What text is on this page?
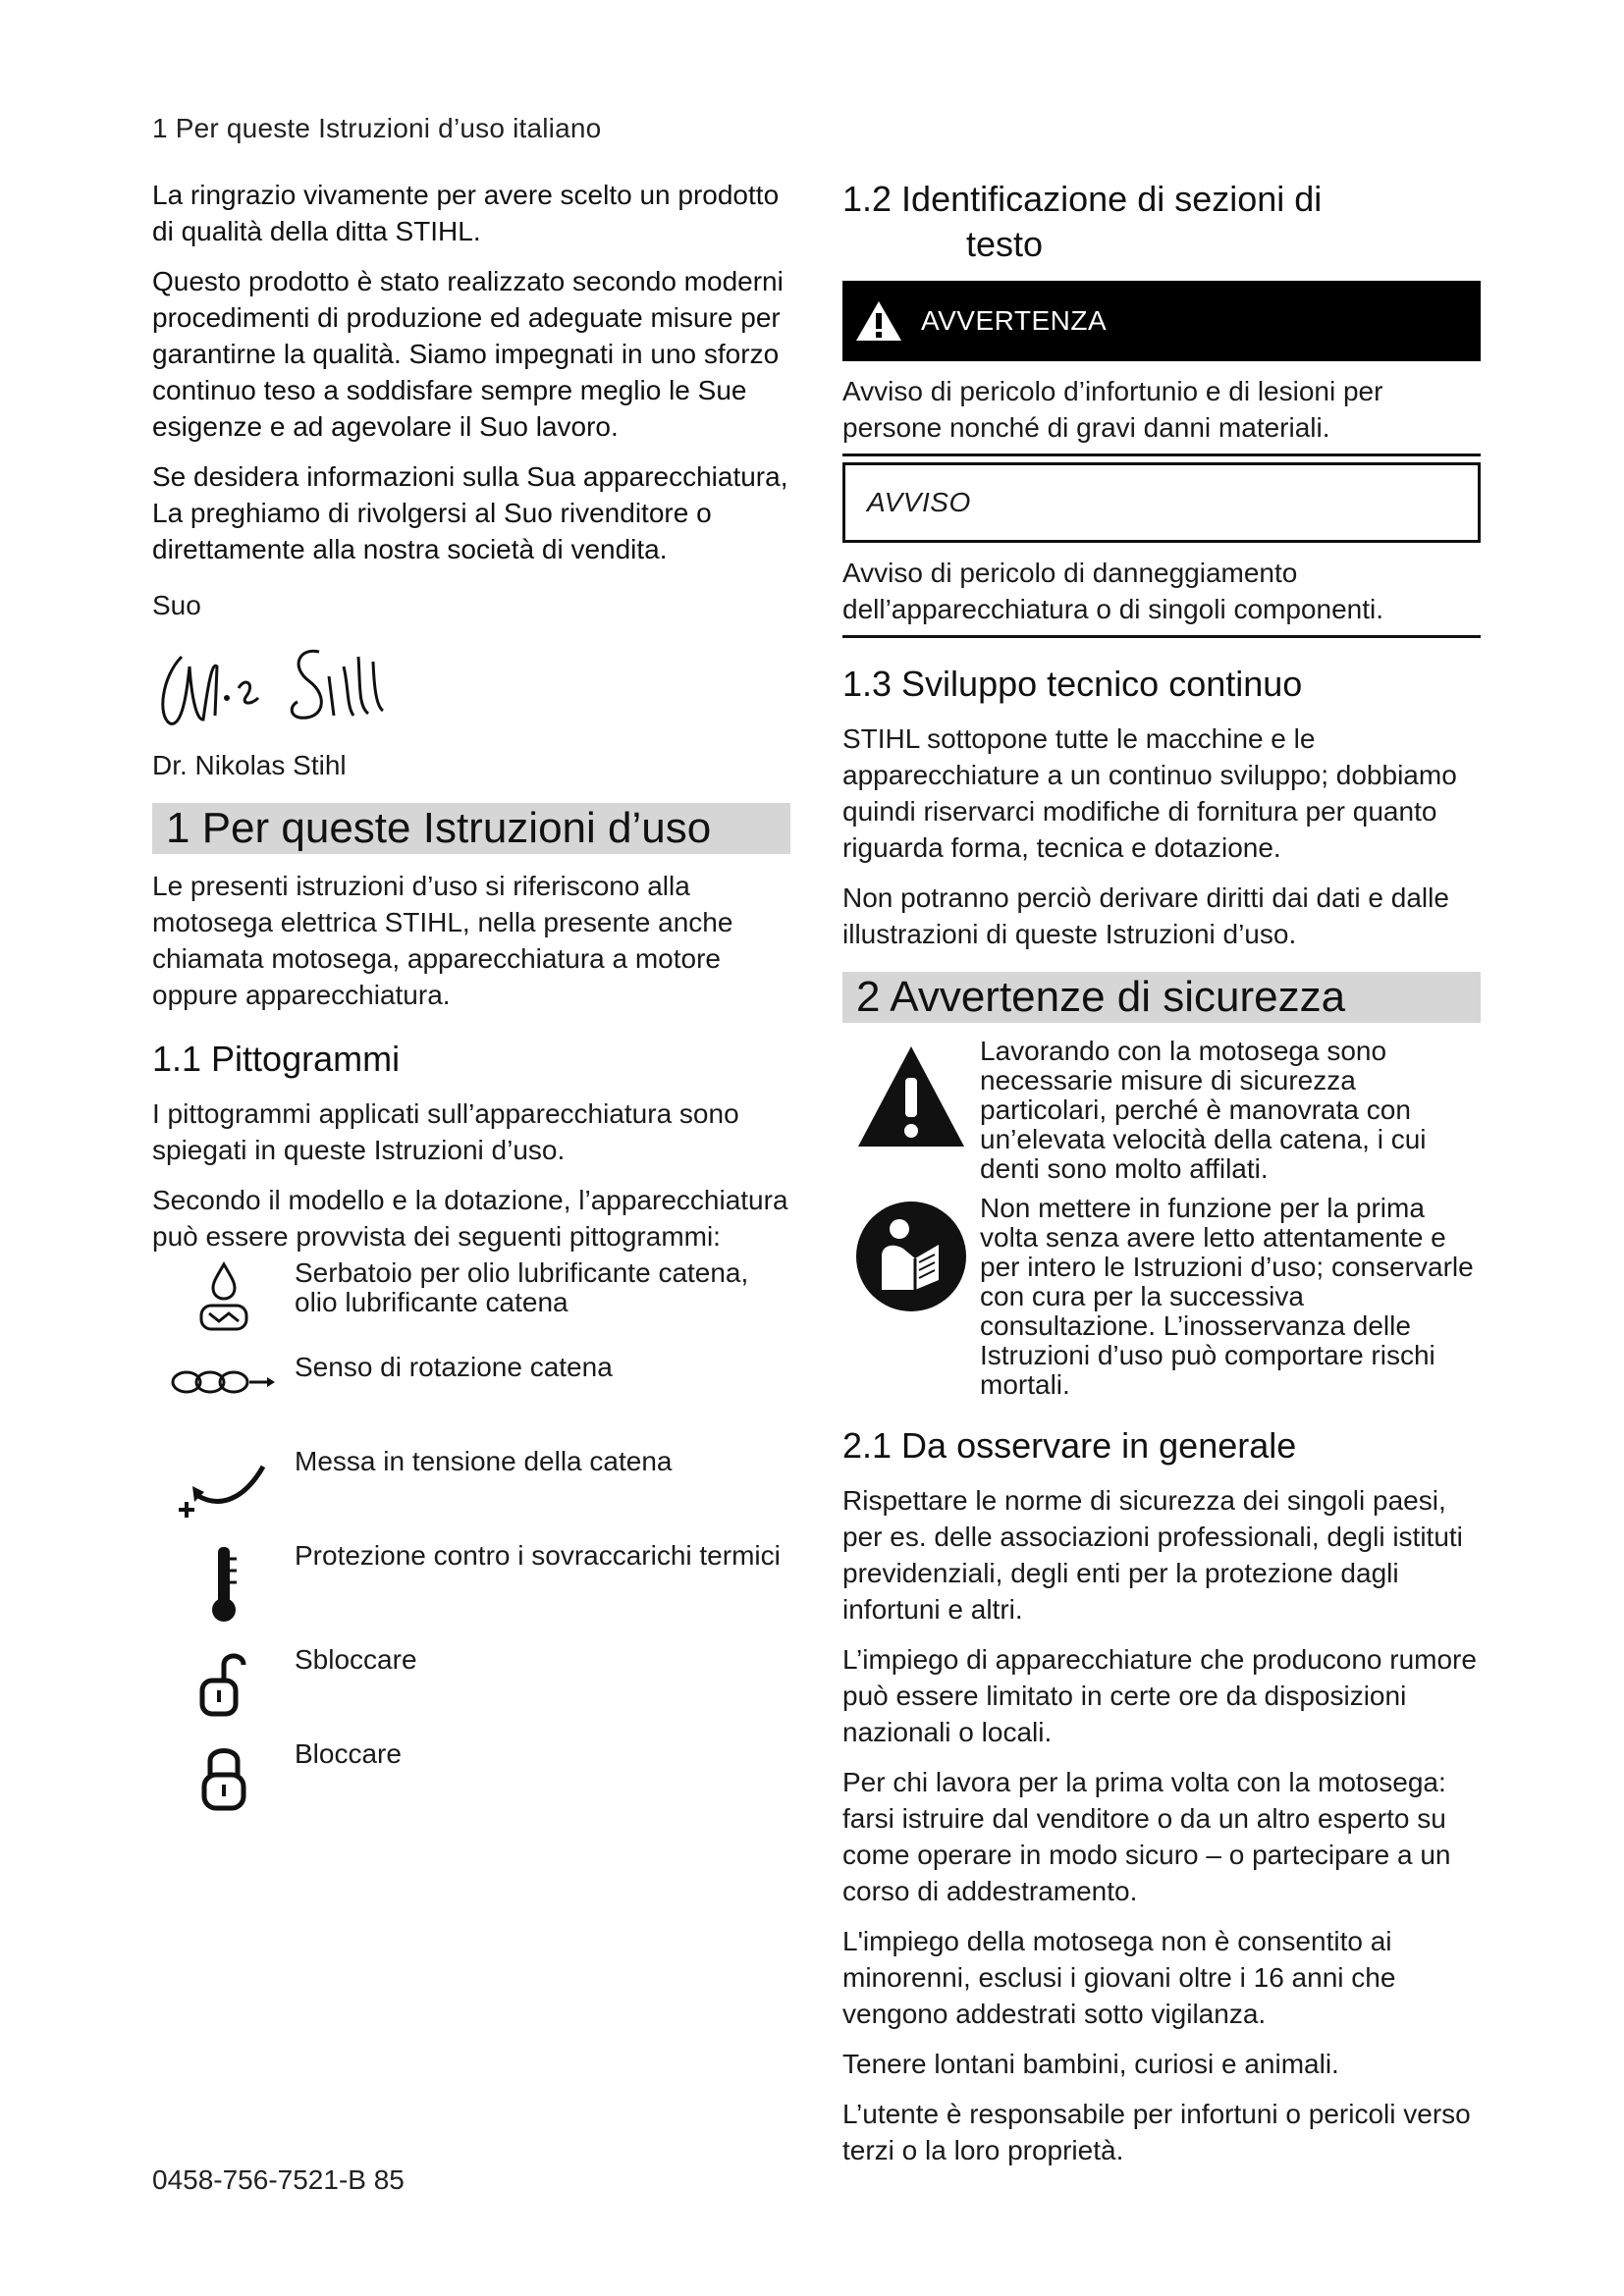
1 Per queste Istruzioni d’uso italiano

La ringrazio vivamente per avere scelto un prodotto di qualità della ditta STIHL.

Questo prodotto è stato realizzato secondo moderni procedimenti di produzione ed adeguate misure per garantirne la qualità. Siamo impegnati in uno sforzo continuo teso a soddisfare sempre meglio le Sue esigenze e ad agevolare il Suo lavoro.

Se desidera informazioni sulla Sua apparecchiatura, La preghiamo di rivolgersi al Suo rivenditore o direttamente alla nostra società di vendita.

Suo

Dr. Nikolas Stihl
1 Per queste Istruzioni d’uso

Le presenti istruzioni d’uso si riferiscono alla motosega elettrica STIHL, nella presente anche chiamata motosega, apparecchiatura a motore oppure apparecchiatura.

1.1 Pittogrammi

I pittogrammi applicati sull’apparecchiatura sono spiegati in queste Istruzioni d’uso.

Secondo il modello e la dotazione, l’apparecchiatura può essere provvista dei seguenti pittogrammi:

Serbatoio per olio lubrificante catena, olio lubrificante catena
Senso di rotazione catena
Messa in tensione della catena
Protezione contro i sovraccarichi termici
Sbloccare
Bloccare
1.2 Identificazione di sezioni di
testo
AVVERTENZA

Avviso di pericolo d’infortunio e di lesioni per persone nonché di gravi danni materiali.

AVVISO

Avviso di pericolo di danneggiamento dell’apparecchiatura o di singoli componenti.

1.3 Sviluppo tecnico continuo

STIHL sottopone tutte le macchine e le apparecchiature a un continuo sviluppo; dobbiamo quindi riservarci modifiche di fornitura per quanto riguarda forma, tecnica e dotazione.

Non potranno perciò derivare diritti dai dati e dalle illustrazioni di queste Istruzioni d’uso.

2 Avvertenze di sicurezza
Lavorando con la motosega sono necessarie misure di sicurezza particolari, perché è manovrata con un’elevata velocità della catena, i cui denti sono molto affilati.
Non mettere in funzione per la prima volta senza avere letto attentamente e per intero le Istruzioni d’uso; conservarle con cura per la successiva consultazione. L’inosservanza delle Istruzioni d’uso può comportare rischi mortali.
2.1 Da osservare in generale

Rispettare le norme di sicurezza dei singoli paesi, per es. delle associazioni professionali, degli istituti previdenziali, degli enti per la protezione dagli infortuni e altri.

L’impiego di apparecchiature che producono rumore può essere limitato in certe ore da disposizioni nazionali o locali.

Per chi lavora per la prima volta con la motosega: farsi istruire dal venditore o da un altro esperto su come operare in modo sicuro – o partecipare a un corso di addestramento.

L'impiego della motosega non è consentito ai minorenni, esclusi i giovani oltre i 16 anni che vengono addestrati sotto vigilanza.

Tenere lontani bambini, curiosi e animali.

L’utente è responsabile per infortuni o pericoli verso terzi o la loro proprietà.

0458-756-7521-B 85
